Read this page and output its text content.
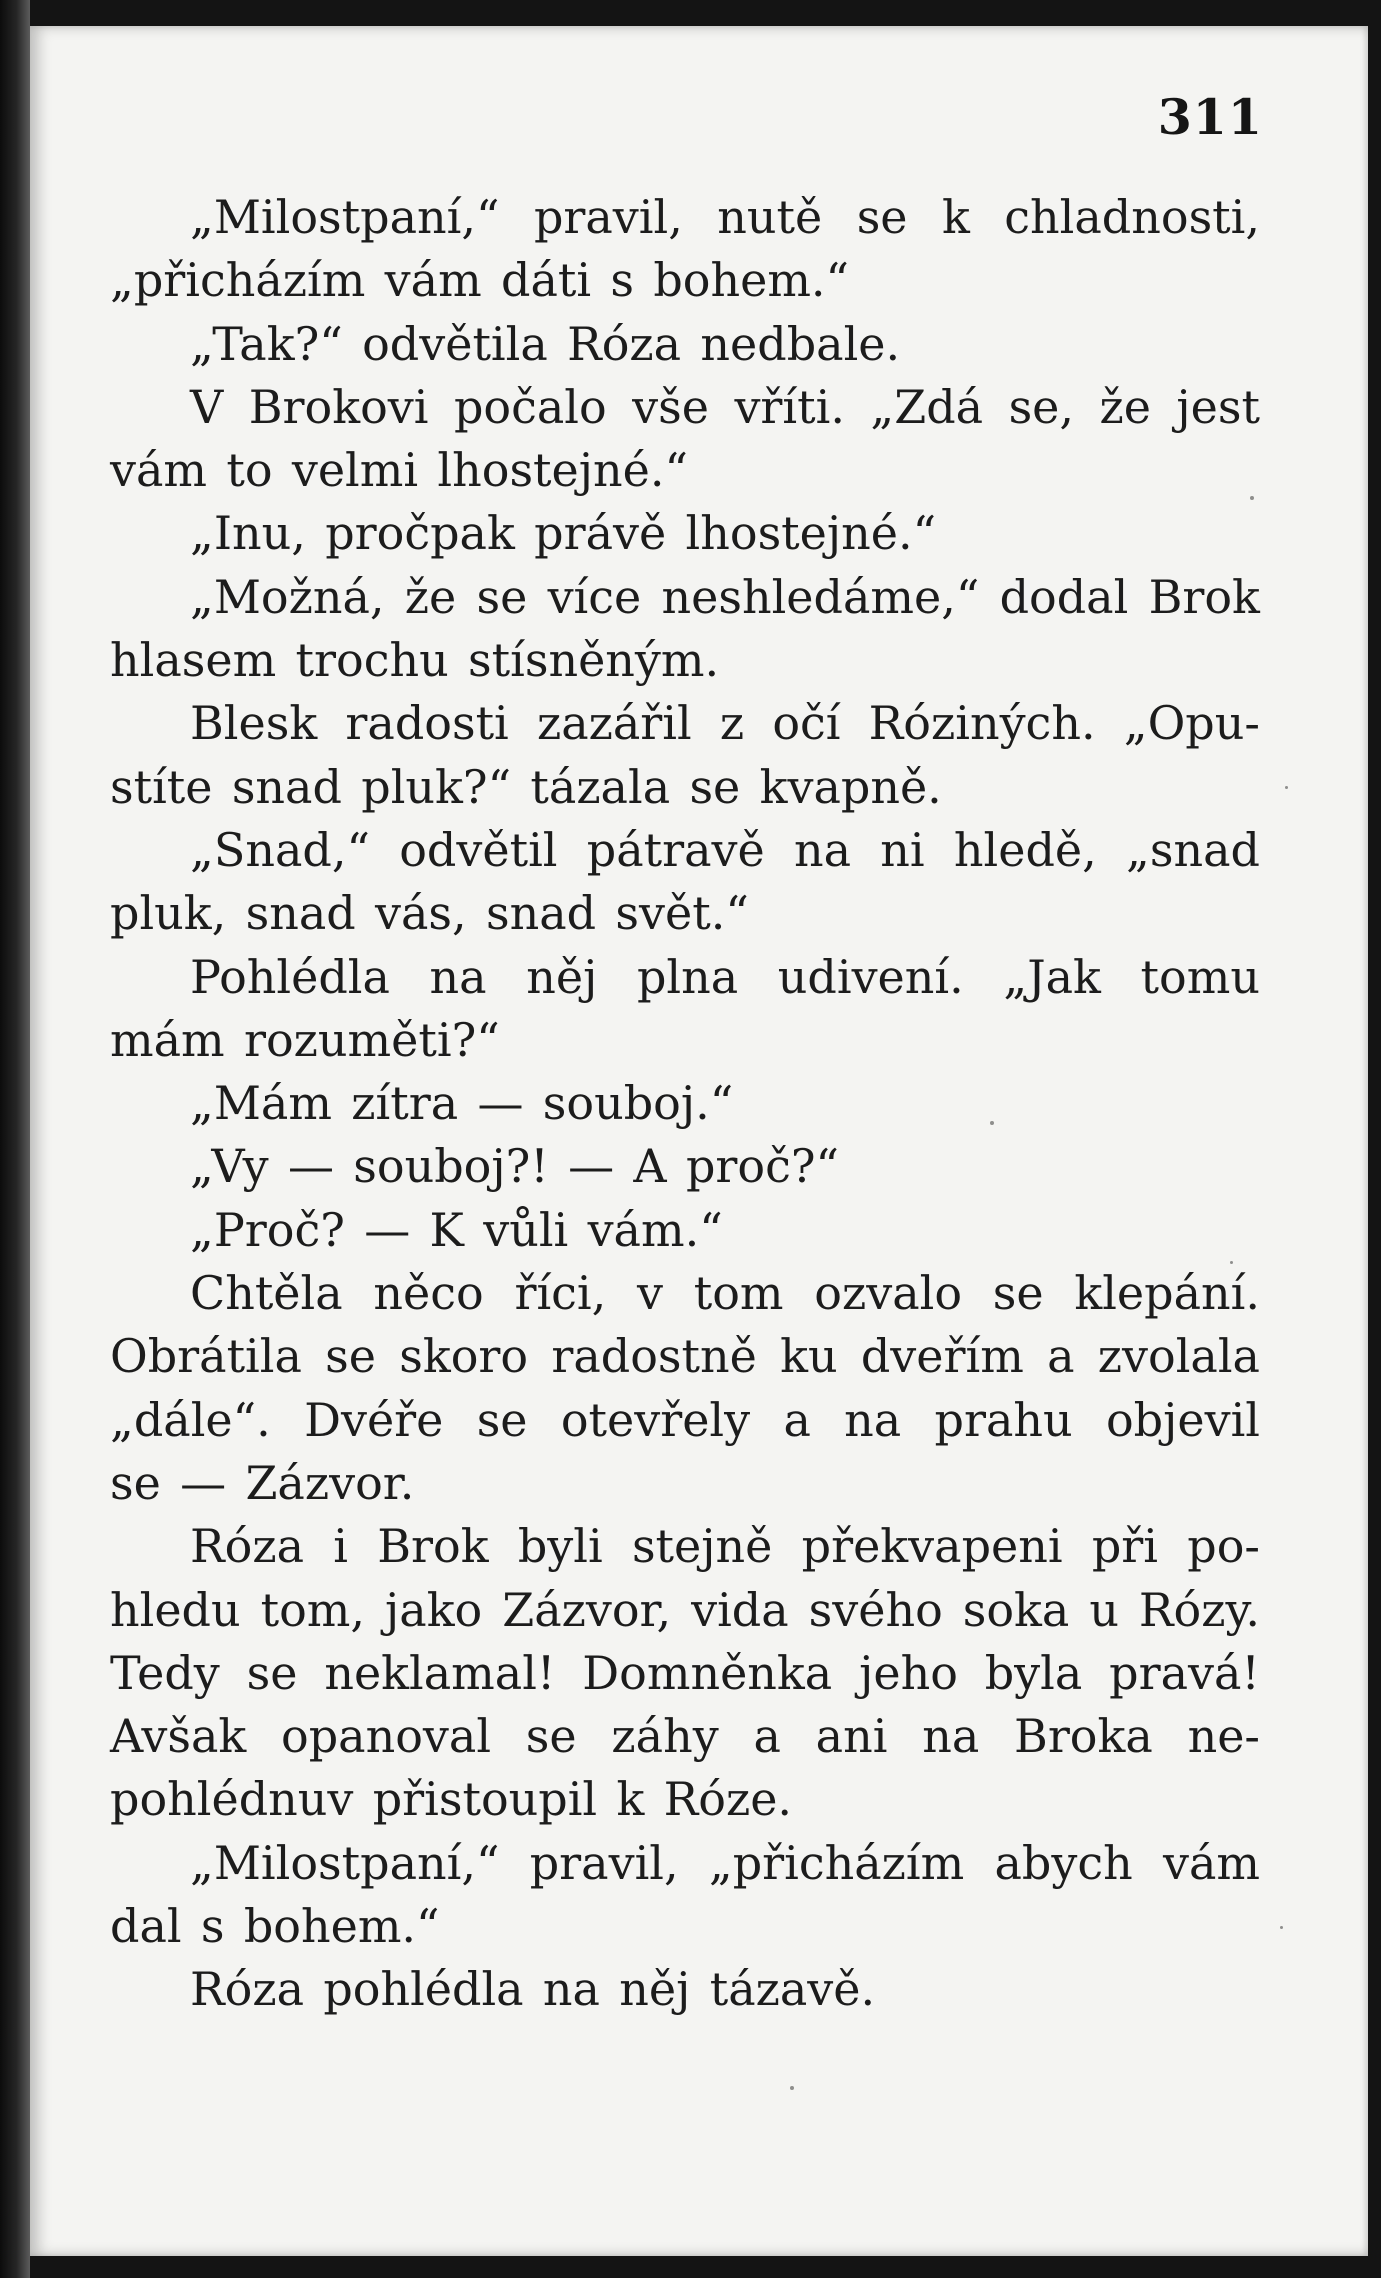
311
„Milostpaní,“ pravil, nutě se k chladnosti,
„přicházím vám dáti s bohem.“
„Tak?“ odvětila Róza nedbale.
V Brokovi počalo vše vříti. „Zdá se, že jest
vám to velmi lhostejné.“
„Inu, pročpak právě lhostejné.“
„Možná, že se více neshledáme,“ dodal Brok
hlasem trochu stísněným.
Blesk radosti zazářil z očí Róziných. „Opu-
stíte snad pluk?“ tázala se kvapně.
„Snad,“ odvětil pátravě na ni hledě, „snad
pluk, snad vás, snad svět.“
Pohlédla na něj plna udivení. „Jak tomu
mám rozuměti?“
„Mám zítra — souboj.“
„Vy — souboj?! — A proč?“
„Proč? — K vůli vám.“
Chtěla něco říci, v tom ozvalo se klepání.
Obrátila se skoro radostně ku dveřím a zvolala
„dále“. Dvéře se otevřely a na prahu objevil
se — Zázvor.
Róza i Brok byli stejně překvapeni při po-
hledu tom, jako Zázvor, vida svého soka u Rózy.
Tedy se neklamal! Domněnka jeho byla pravá!
Avšak opanoval se záhy a ani na Broka ne-
pohlédnuv přistoupil k Róze.
„Milostpaní,“ pravil, „přicházím abych vám
dal s bohem.“
Róza pohlédla na něj tázavě.
